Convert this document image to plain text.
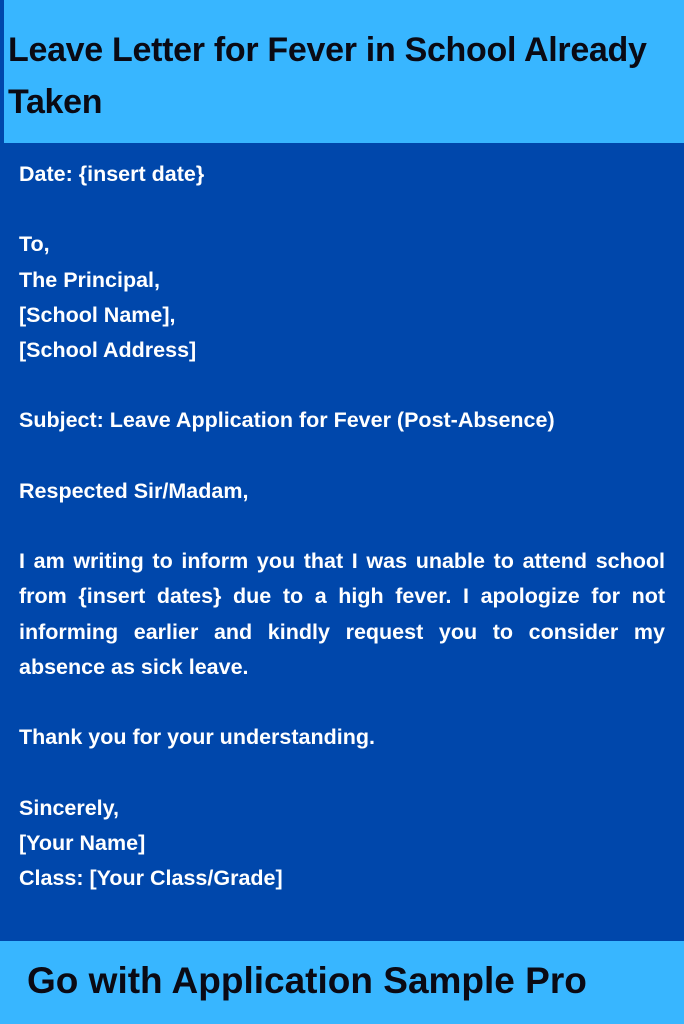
Leave Letter for Fever in School Already Taken

Date: {insert date}

To,

The Principal,

[School Name],

[School Address]

Subject: Leave Application for Fever (Post-Absence)

Respected Sir/Madam,

I am writing to inform you that I was unable to attend school from {insert dates} due to a high fever. I apologize for not informing earlier and kindly request you to consider my absence as sick leave.

Thank you for your understanding.

Sincerely,

[Your Name]

Class: [Your Class/Grade]

Go with Application Sample Pro
